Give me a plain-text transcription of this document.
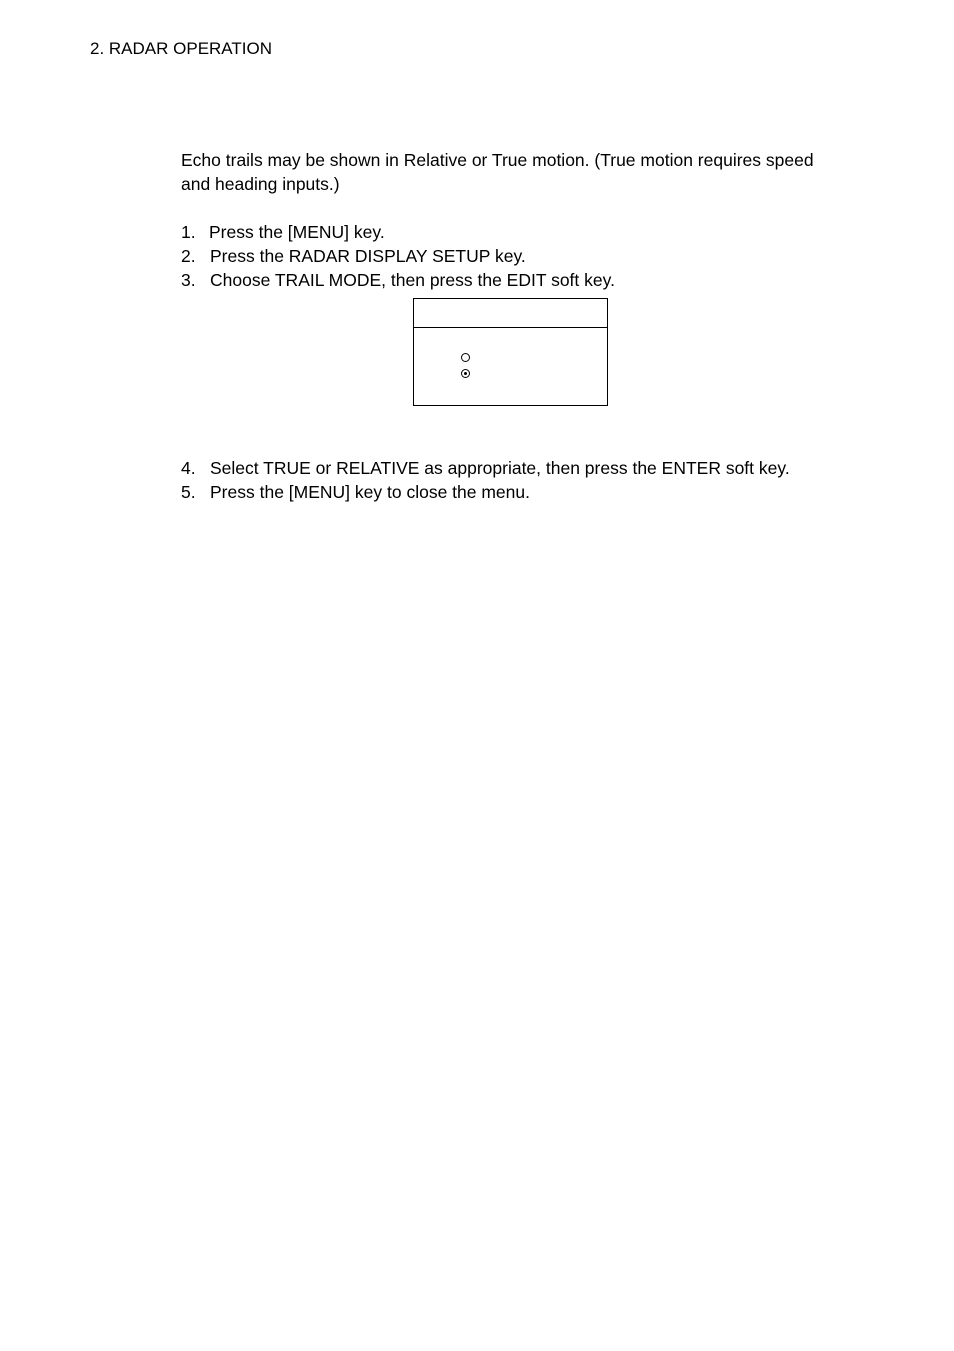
2. RADAR OPERATION

Echo trails may be shown in Relative or True motion. (True motion requires speed and heading inputs.)

1. Press the [MENU] key.
2. Press the RADAR DISPLAY SETUP key.
3. Choose TRAIL MODE, then press the EDIT soft key.
4. Select TRUE or RELATIVE as appropriate, then press the ENTER soft key.
5. Press the [MENU] key to close the menu.
